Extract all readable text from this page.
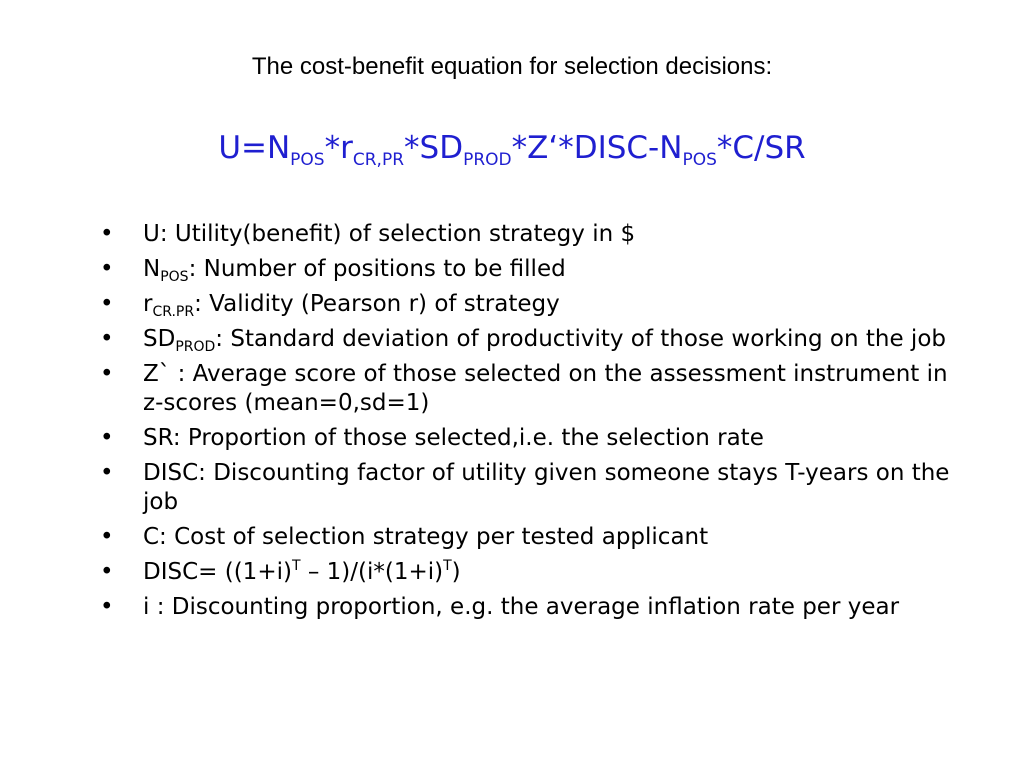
The cost-benefit equation for selection decisions:
$U=N_{POS}*r_{CR,PR}*SD_{PROD}*Z‘*DISC-N_{POS}*C/SR$
• U: Utility(benefit) of selection strategy in $
• $N_{POS}$: Number of positions to be filled
• $r_{CR.PR}$: Validity (Pearson r) of strategy
• $SD_{PROD}$: Standard deviation of productivity of those working on the job
• Z` : Average score of those selected on the assessment instrument in z-scores (mean=0,sd=1)
• SR: Proportion of those selected,i.e. the selection rate
• DISC: Discounting factor of utility given someone stays T-years on the job
• C: Cost of selection strategy per tested applicant
• DISC= $((1+i)^T - 1)/(i*(1+i)^T)$
• i : Discounting proportion, e.g. the average inflation rate per year
